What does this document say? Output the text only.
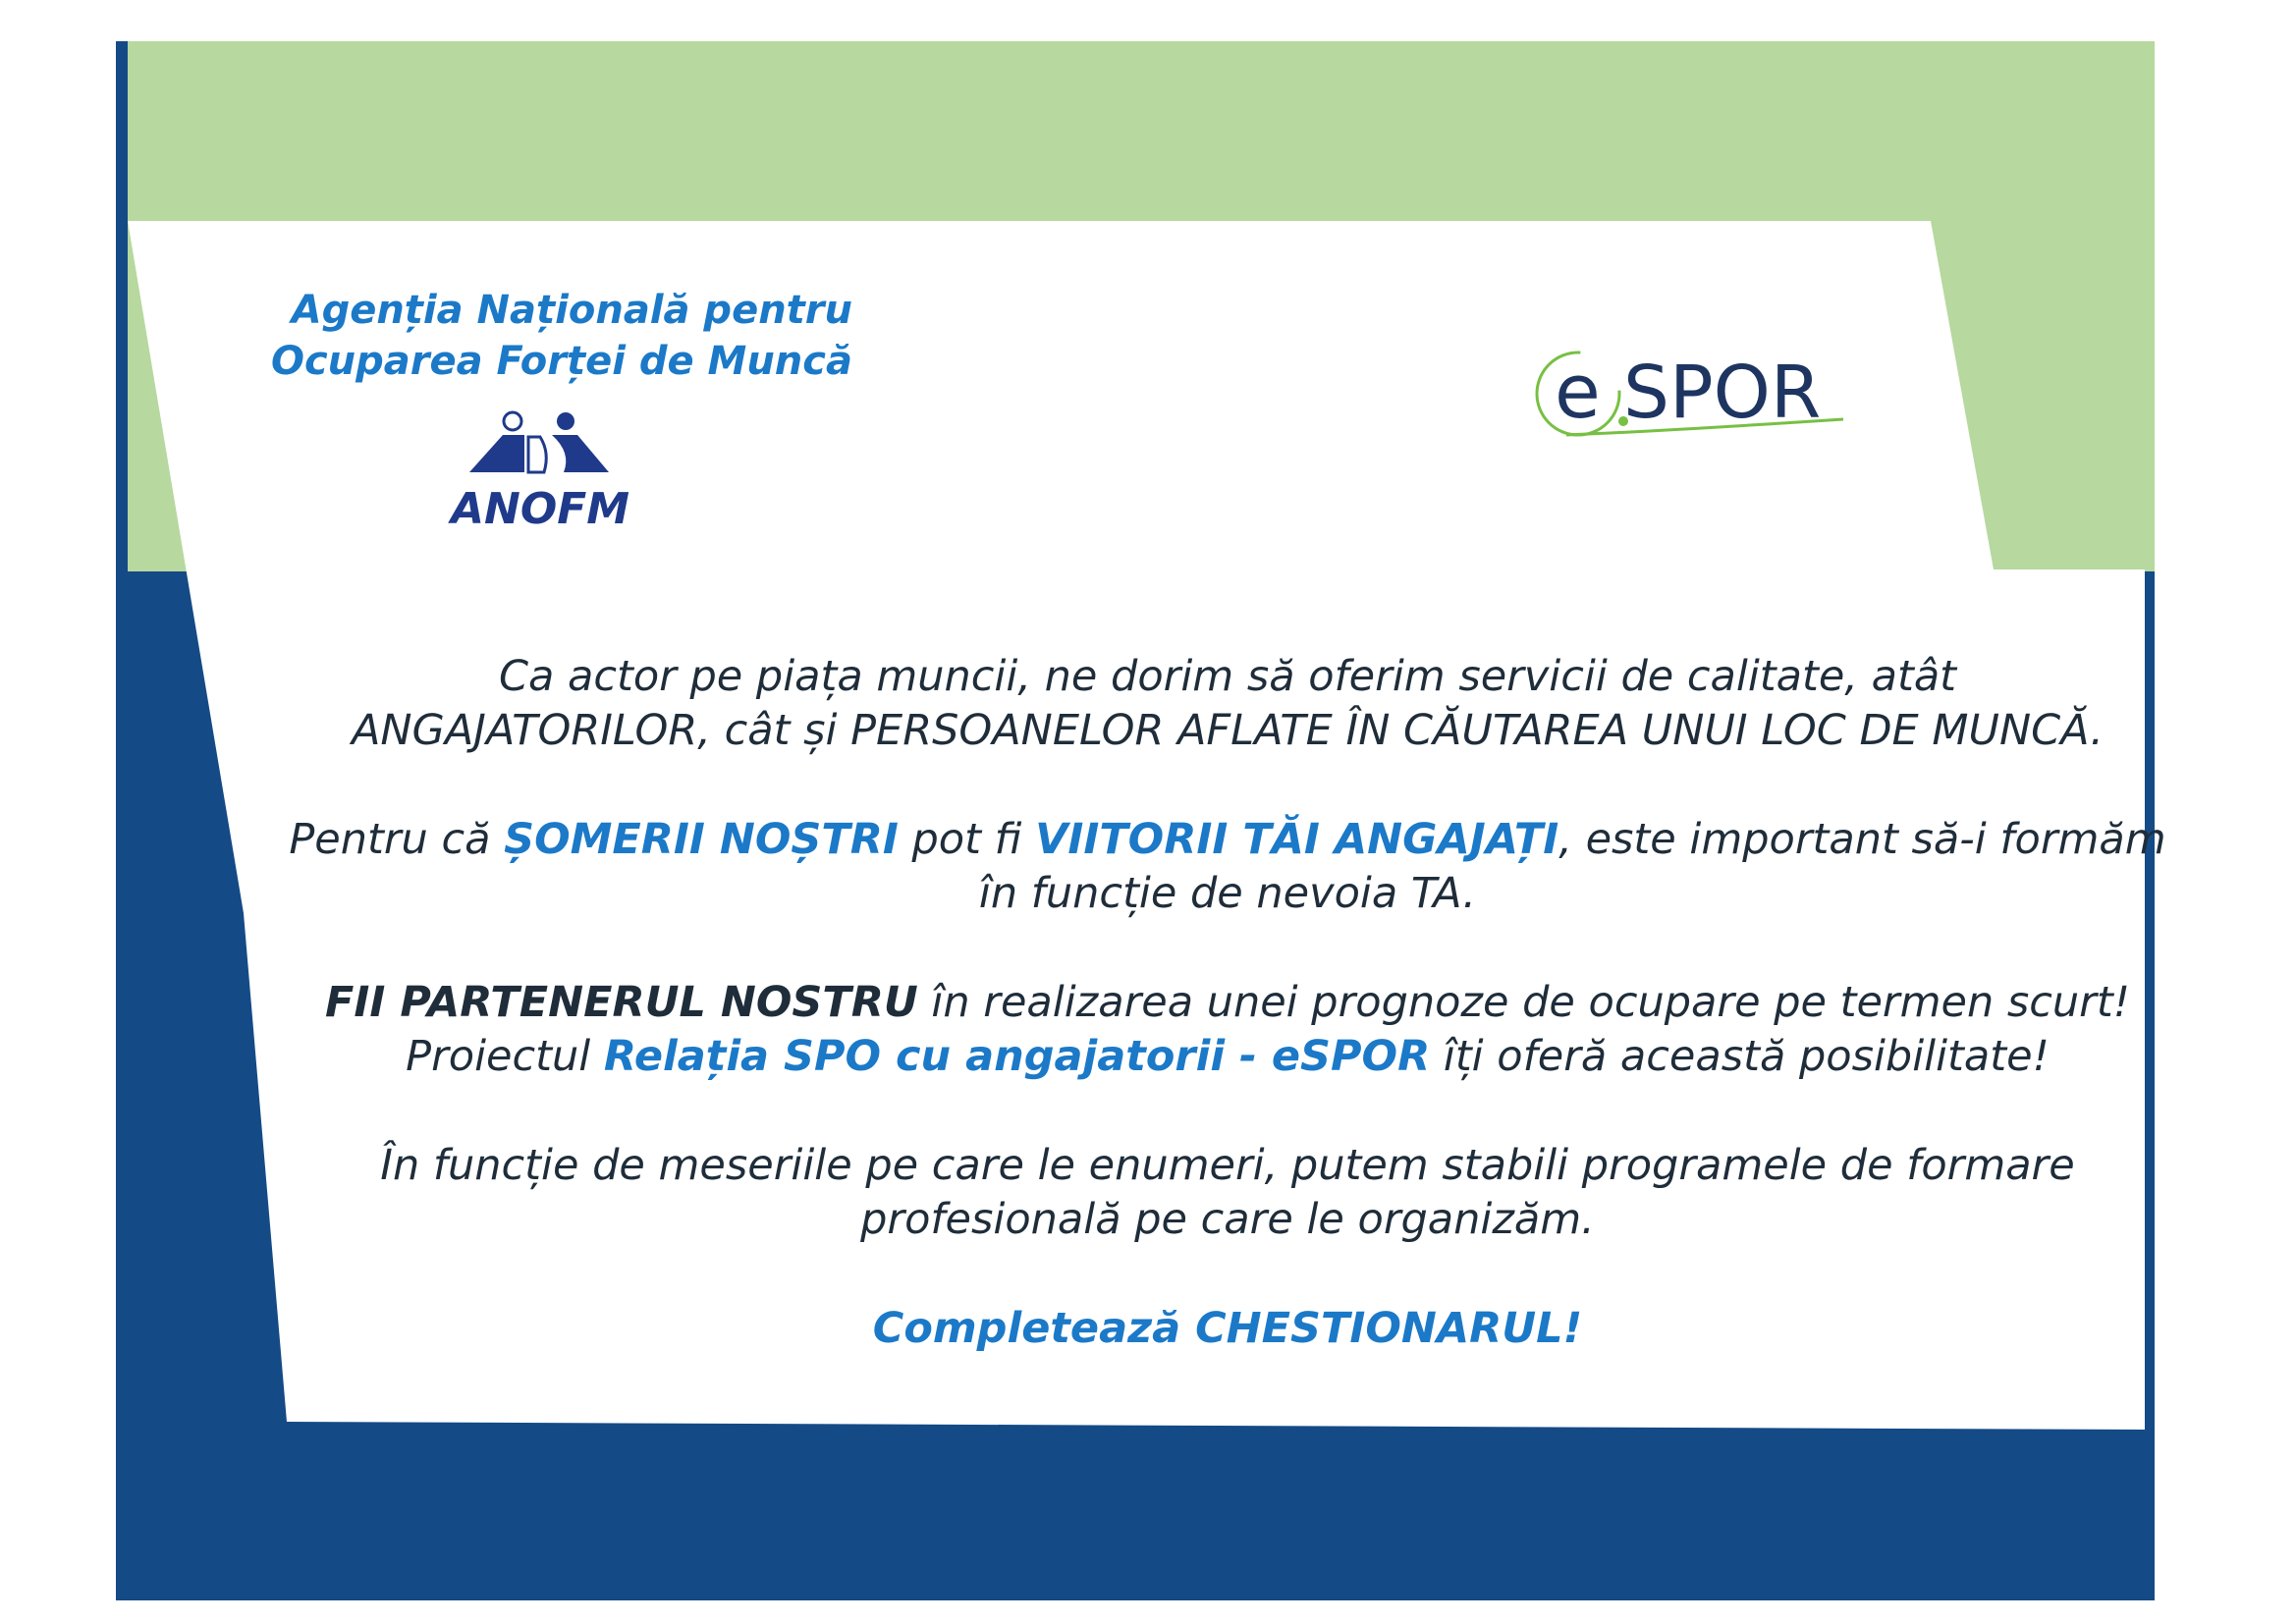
Agenția Națională pentru
Ocuparea Forței de Muncă
ANOFM
e SPOR

Ca actor pe piața muncii, ne dorim să oferim servicii de calitate, atât
ANGAJATORILOR, cât și PERSOANELOR AFLATE ÎN CĂUTAREA UNUI LOC DE MUNCĂ.

Pentru că ȘOMERII NOȘTRI pot fi VIITORII TĂI ANGAJAȚI, este important să-i formăm
în funcție de nevoia TA.

FII PARTENERUL NOSTRU în realizarea unei prognoze de ocupare pe termen scurt!
Proiectul Relația SPO cu angajatorii - eSPOR îți oferă această posibilitate!

În funcție de meseriile pe care le enumeri, putem stabili programele de formare
profesională pe care le organizăm.

Completează CHESTIONARUL!
